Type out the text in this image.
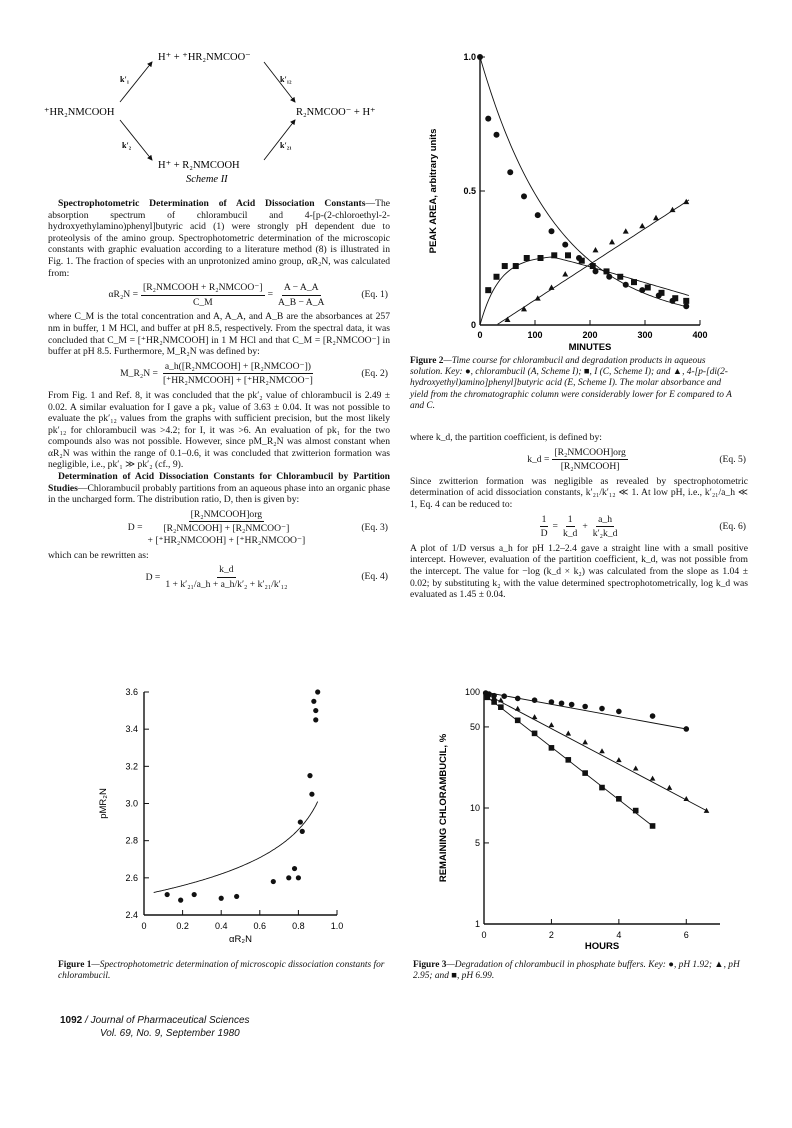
H⁺ + ⁺HR₂NMCOO⁻
⁺HR₂NMCOOH	R₂NMCOO⁻ + H⁺
H⁺ + R₂NMCOOH
k′₁	k′₁₂
k′₂	k′₂₁
Scheme II

Spectrophotometric Determination of Acid Dissociation Constants—The absorption spectrum of chlorambucil and 4-[p-(2-chloroethyl-2-hydroxyethylamino)phenyl]butyric acid (1) were strongly pH dependent due to proteolysis of the amino group. Spectrophotometric determination of the microscopic constants with graphic evaluation according to a literature method (8) is illustrated in Fig. 1. The fraction of species with an unprotonized amino group, αR₂N, was calculated from:

$\alpha R_2N = \frac{\text{[R₂NMCOOH + R₂NMCOO⁻]}}{C\_M} = \frac{A - A\_A}{A\_B - A\_A}$	(Eq. 1)

where C_M is the total concentration and A, A_A, and A_B are the absorbances at 257 nm in buffer, 1 M HCl, and buffer at pH 8.5, respectively. From the spectral data, it was concluded that C_M = [⁺HR₂NMCOOH] in 1 M HCl and that C_M = [R₂NMCOO⁻] in buffer at pH 8.5. Furthermore, M_R₂N was defined by:

M_R₂N = $\frac{\text{a\_h([R₂NMCOOH] + [R₂NMCOO⁻])}}{\text{[⁺HR₂NMCOOH] + [⁺HR₂NMCOO⁻]}}$	(Eq. 2)

From Fig. 1 and Ref. 8, it was concluded that the pk′₂ value of chlorambucil is 2.49 ± 0.02. A similar evaluation for I gave a pk₂ value of 3.63 ± 0.04. It was not possible to evaluate the pk′₁₂ values from the graphs with sufficient precision, but the most likely pk′₁₂ for chlorambucil was >4.2; for I, it was >6. An evaluation of pk₁ for the two compounds also was not possible. However, since pM_R₂N was almost constant when αR₂N was within the range of 0.1–0.6, it was concluded that zwitterion formation was negligible, i.e., pk′₁ ≫ pk′₂ (cf., 9).

Determination of Acid Dissociation Constants for Chlorambucil by Partition Studies—Chlorambucil probably partitions from an aqueous phase into an organic phase in the uncharged form. The distribution ratio, D, then is given by:

D = [R₂NMCOOH]org
[R₂NMCOOH] + [R₂NMCOO⁻]
+ [⁺HR₂NMCOOH] + [⁺HR₂NMCOO⁻]	(Eq. 3)

which can be rewritten as:

$D = \frac{k\_d}{\text{1 + k′₂₁/a\_h + a\_h/k′₂ + k′₂₁/k′₁₂}}$	(Eq. 4)
0	100	200	300	400
0
0.5
1.0
MINUTES
PEAK AREA, arbitrary units
Figure 2—Time course for chlorambucil and degradation products in aqueous solution. Key: ●, chlorambucil (A, Scheme I); ■, I (C, Scheme I); and ▲, 4-[p-[di(2-hydroxyethyl)amino]phenyl]butyric acid (E, Scheme I). The molar absorbance and yield from the chromatographic column were considerably lower for E compared to A and C.

where k_d, the partition coefficient, is defined by:

k_d = $\frac{\text{[R₂NMCOOH]org}}{\text{[R₂NMCOOH]}}$	(Eq. 5)

Since zwitterion formation was negligible as revealed by spectrophotometric determination of acid dissociation constants, k′₂₁/k′₁₂ ≪ 1. At low pH, i.e., k′₂₁/a_h ≪ 1, Eq. 4 can be reduced to:

$\frac{1}{D} = \frac{1}{k\_d} + \frac{a\_h}{\text{k′₂k\_d}}$	(Eq. 6)

A plot of 1/D versus a_h for pH 1.2–2.4 gave a straight line with a small positive intercept. However, evaluation of the partition coefficient, k_d, was not possible from the intercept. The value for −log (k_d × k₂) was calculated from the slope as 1.04 ± 0.02; by substituting k₂ with the value determined spectrophotometrically, log k_d was evaluated as 1.45 ± 0.04.

0	0.2	0.4	0.6	0.8	1.0
2.4
2.6
2.8
3.0
3.2
3.4
3.6
αR₂N
pMR₂N
Figure 1—Spectrophotometric determination of microscopic dissociation constants for chlorambucil.
0	2	4	6
1
5
10
50
100
HOURS
REMAINING CHLORAMBUCIL, %
Figure 3—Degradation of chlorambucil in phosphate buffers. Key: ●, pH 1.92; ▲, pH 2.95; and ■, pH 6.99.
1092 / Journal of Pharmaceutical Sciences
Vol. 69, No. 9, September 1980
